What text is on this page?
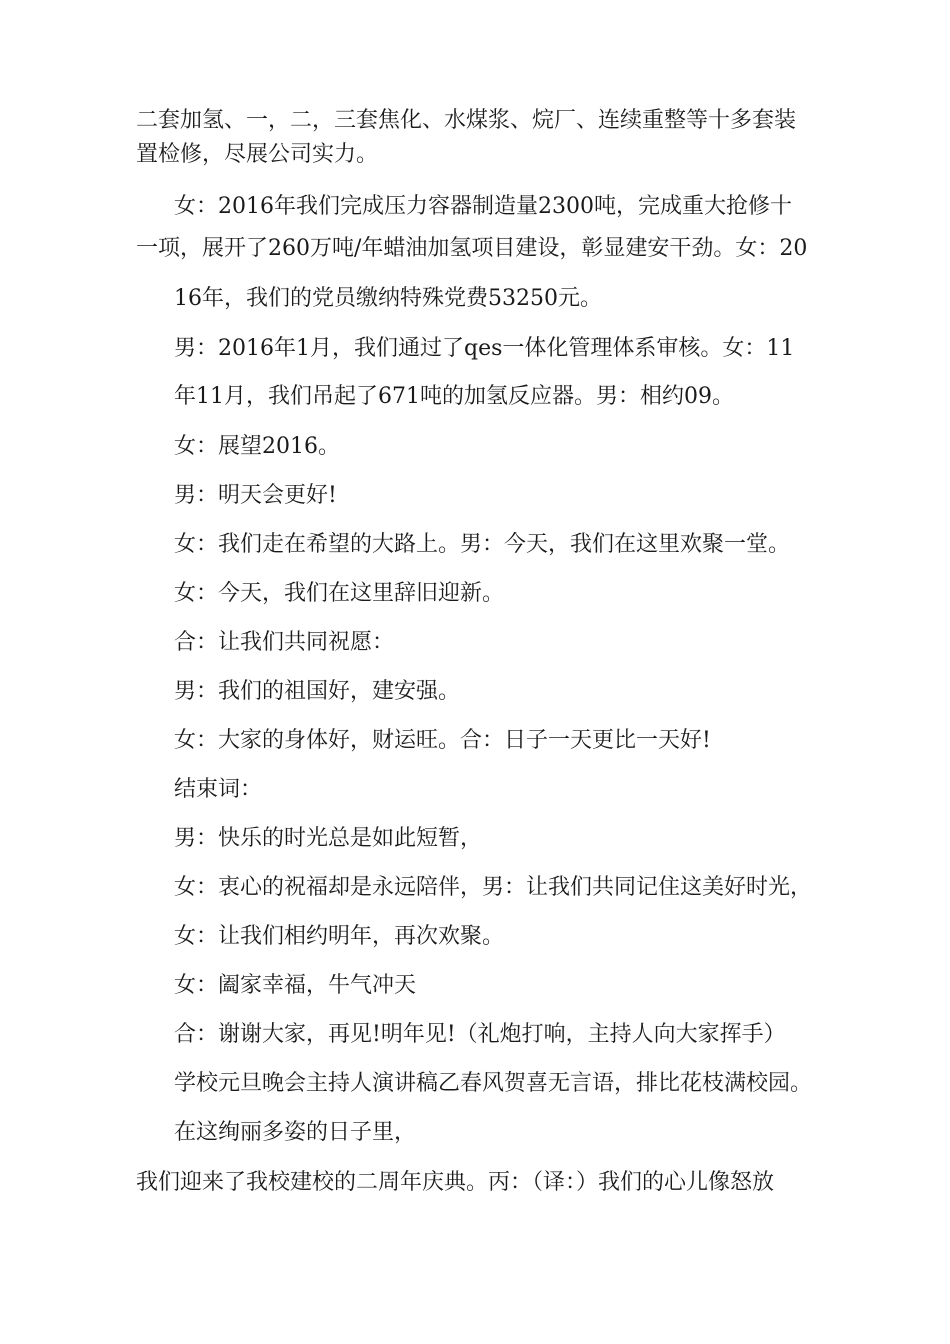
二套加氢、一，二，三套焦化、水煤浆、烷厂、连续重整等十多套装
置检修，尽展公司实力。
女：2016年我们完成压力容器制造量2300吨，完成重大抢修十
一项，展开了260万吨/年蜡油加氢项目建设，彰显建安干劲。女：20
16年，我们的党员缴纳特殊党费53250元。
男：2016年1月，我们通过了qes一体化管理体系审核。女：11
年11月，我们吊起了671吨的加氢反应器。男：相约09。
女：展望2016。
男：明天会更好!
女：我们走在希望的大路上。男：今天，我们在这里欢聚一堂。
女：今天，我们在这里辞旧迎新。
合：让我们共同祝愿：
男：我们的祖国好，建安强。
女：大家的身体好，财运旺。合：日子一天更比一天好!
结束词：
男：快乐的时光总是如此短暂，
女：衷心的祝福却是永远陪伴，男：让我们共同记住这美好时光，
女：让我们相约明年，再次欢聚。
女：阖家幸福，牛气冲天
合：谢谢大家，再见!明年见!（礼炮打响，主持人向大家挥手）
学校元旦晚会主持人演讲稿乙春风贺喜无言语，排比花枝满校园。
在这绚丽多姿的日子里，
我们迎来了我校建校的二周年庆典。丙：（译：）我们的心儿像怒放
